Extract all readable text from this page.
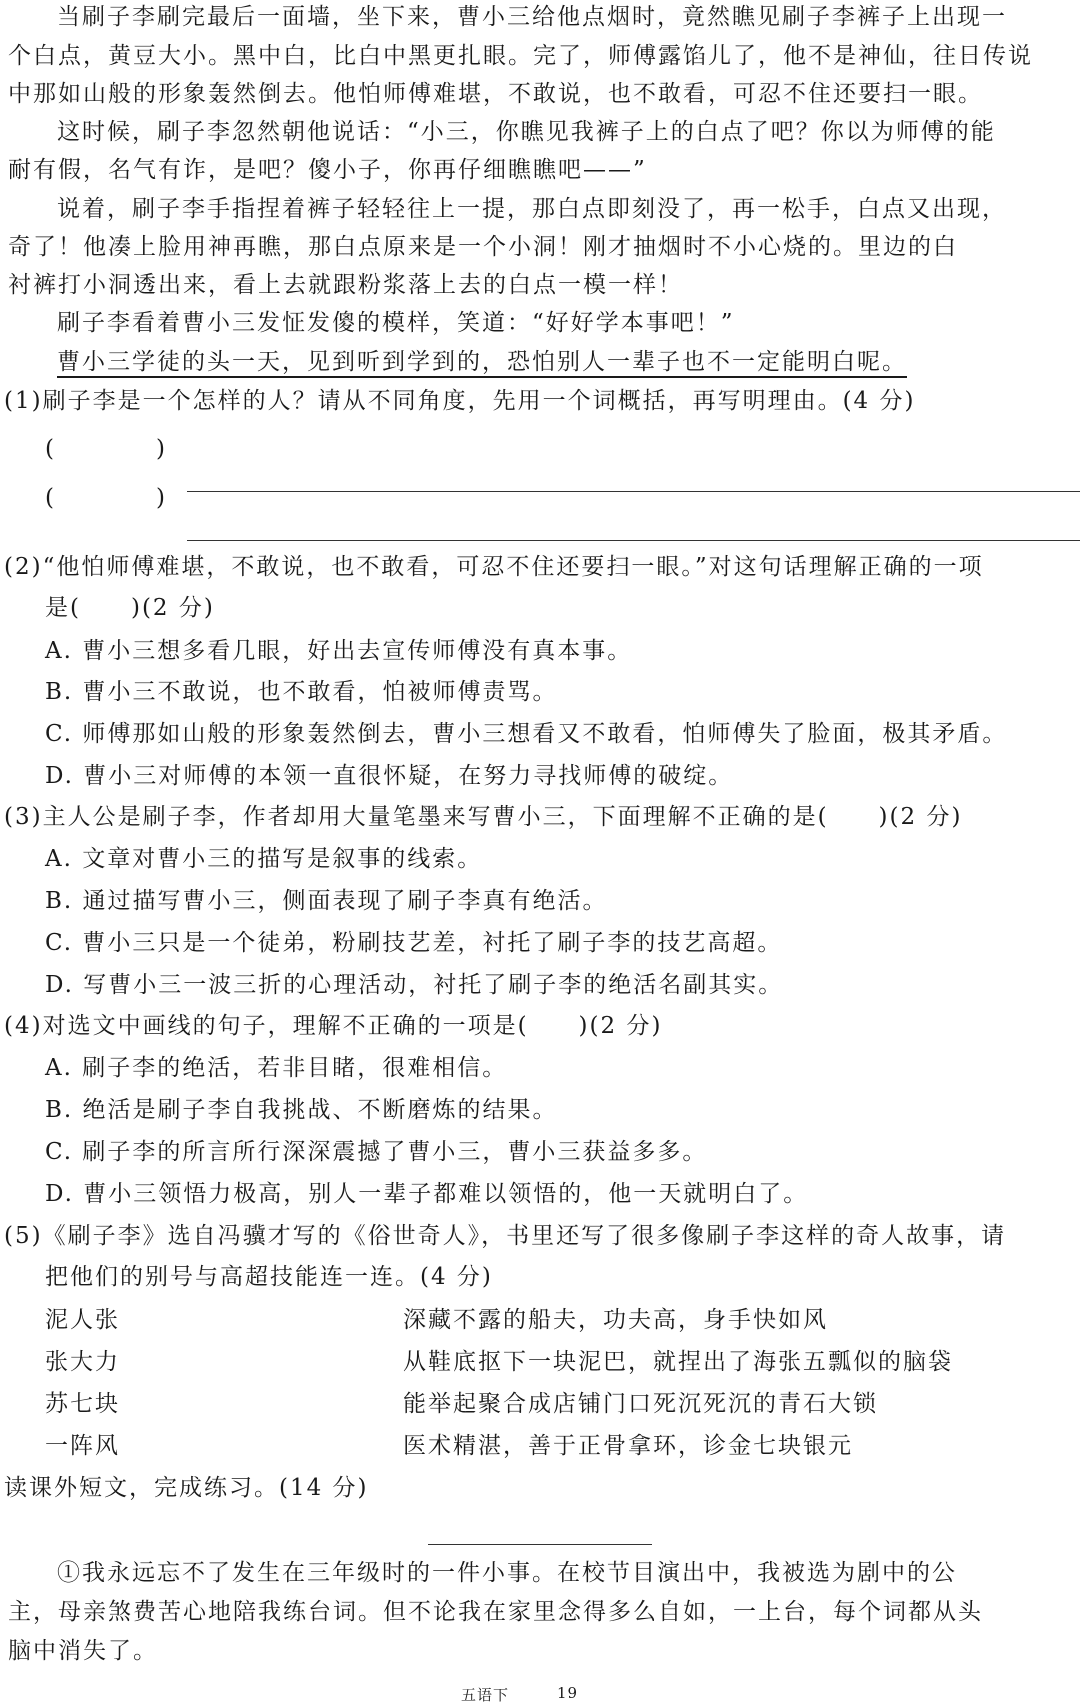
当刷子李刷完最后一面墙，坐下来，曹小三给他点烟时，竟然瞧见刷子李裤子上出现一
个白点，黄豆大小。黑中白，比白中黑更扎眼。完了，师傅露馅儿了，他不是神仙，往日传说
中那如山般的形象轰然倒去。他怕师傅难堪，不敢说，也不敢看，可忍不住还要扫一眼。
这时候，刷子李忽然朝他说话：“小三，你瞧见我裤子上的白点了吧？你以为师傅的能
耐有假，名气有诈，是吧？傻小子，你再仔细瞧瞧吧——”
说着，刷子李手指捏着裤子轻轻往上一提，那白点即刻没了，再一松手，白点又出现，
奇了！他凑上脸用神再瞧，那白点原来是一个小洞！刚才抽烟时不小心烧的。里边的白
衬裤打小洞透出来，看上去就跟粉浆落上去的白点一模一样！
刷子李看着曹小三发怔发傻的模样，笑道：“好好学本事吧！”
曹小三学徒的头一天，见到听到学到的，恐怕别人一辈子也不一定能明白呢。
(1)刷子李是一个怎样的人？请从不同角度，先用一个词概括，再写明理由。(4 分)
(	)
(	)
(2)“他怕师傅难堪，不敢说，也不敢看，可忍不住还要扫一眼。”对这句话理解正确的一项
是(　　)(2 分)
A. 曹小三想多看几眼，好出去宣传师傅没有真本事。
B. 曹小三不敢说，也不敢看，怕被师傅责骂。
C. 师傅那如山般的形象轰然倒去，曹小三想看又不敢看，怕师傅失了脸面，极其矛盾。
D. 曹小三对师傅的本领一直很怀疑，在努力寻找师傅的破绽。
(3)主人公是刷子李，作者却用大量笔墨来写曹小三，下面理解不正确的是(　　)(2 分)
A. 文章对曹小三的描写是叙事的线索。
B. 通过描写曹小三，侧面表现了刷子李真有绝活。
C. 曹小三只是一个徒弟，粉刷技艺差，衬托了刷子李的技艺高超。
D. 写曹小三一波三折的心理活动，衬托了刷子李的绝活名副其实。
(4)对选文中画线的句子，理解不正确的一项是(　　)(2 分)
A. 刷子李的绝活，若非目睹，很难相信。
B. 绝活是刷子李自我挑战、不断磨炼的结果。
C. 刷子李的所言所行深深震撼了曹小三，曹小三获益多多。
D. 曹小三领悟力极高，别人一辈子都难以领悟的，他一天就明白了。
(5)《刷子李》选自冯骥才写的《俗世奇人》，书里还写了很多像刷子李这样的奇人故事，请
把他们的别号与高超技能连一连。(4 分)
泥人张	深藏不露的船夫，功夫高，身手快如风
张大力	从鞋底抠下一块泥巴，就捏出了海张五瓢似的脑袋
苏七块	能举起聚合成店铺门口死沉死沉的青石大锁
一阵风	医术精湛，善于正骨拿环，诊金七块银元
读课外短文，完成练习。(14 分)
①我永远忘不了发生在三年级时的一件小事。在校节目演出中，我被选为剧中的公
主，母亲煞费苦心地陪我练台词。但不论我在家里念得多么自如，一上台，每个词都从头
脑中消失了。
五语下	19
